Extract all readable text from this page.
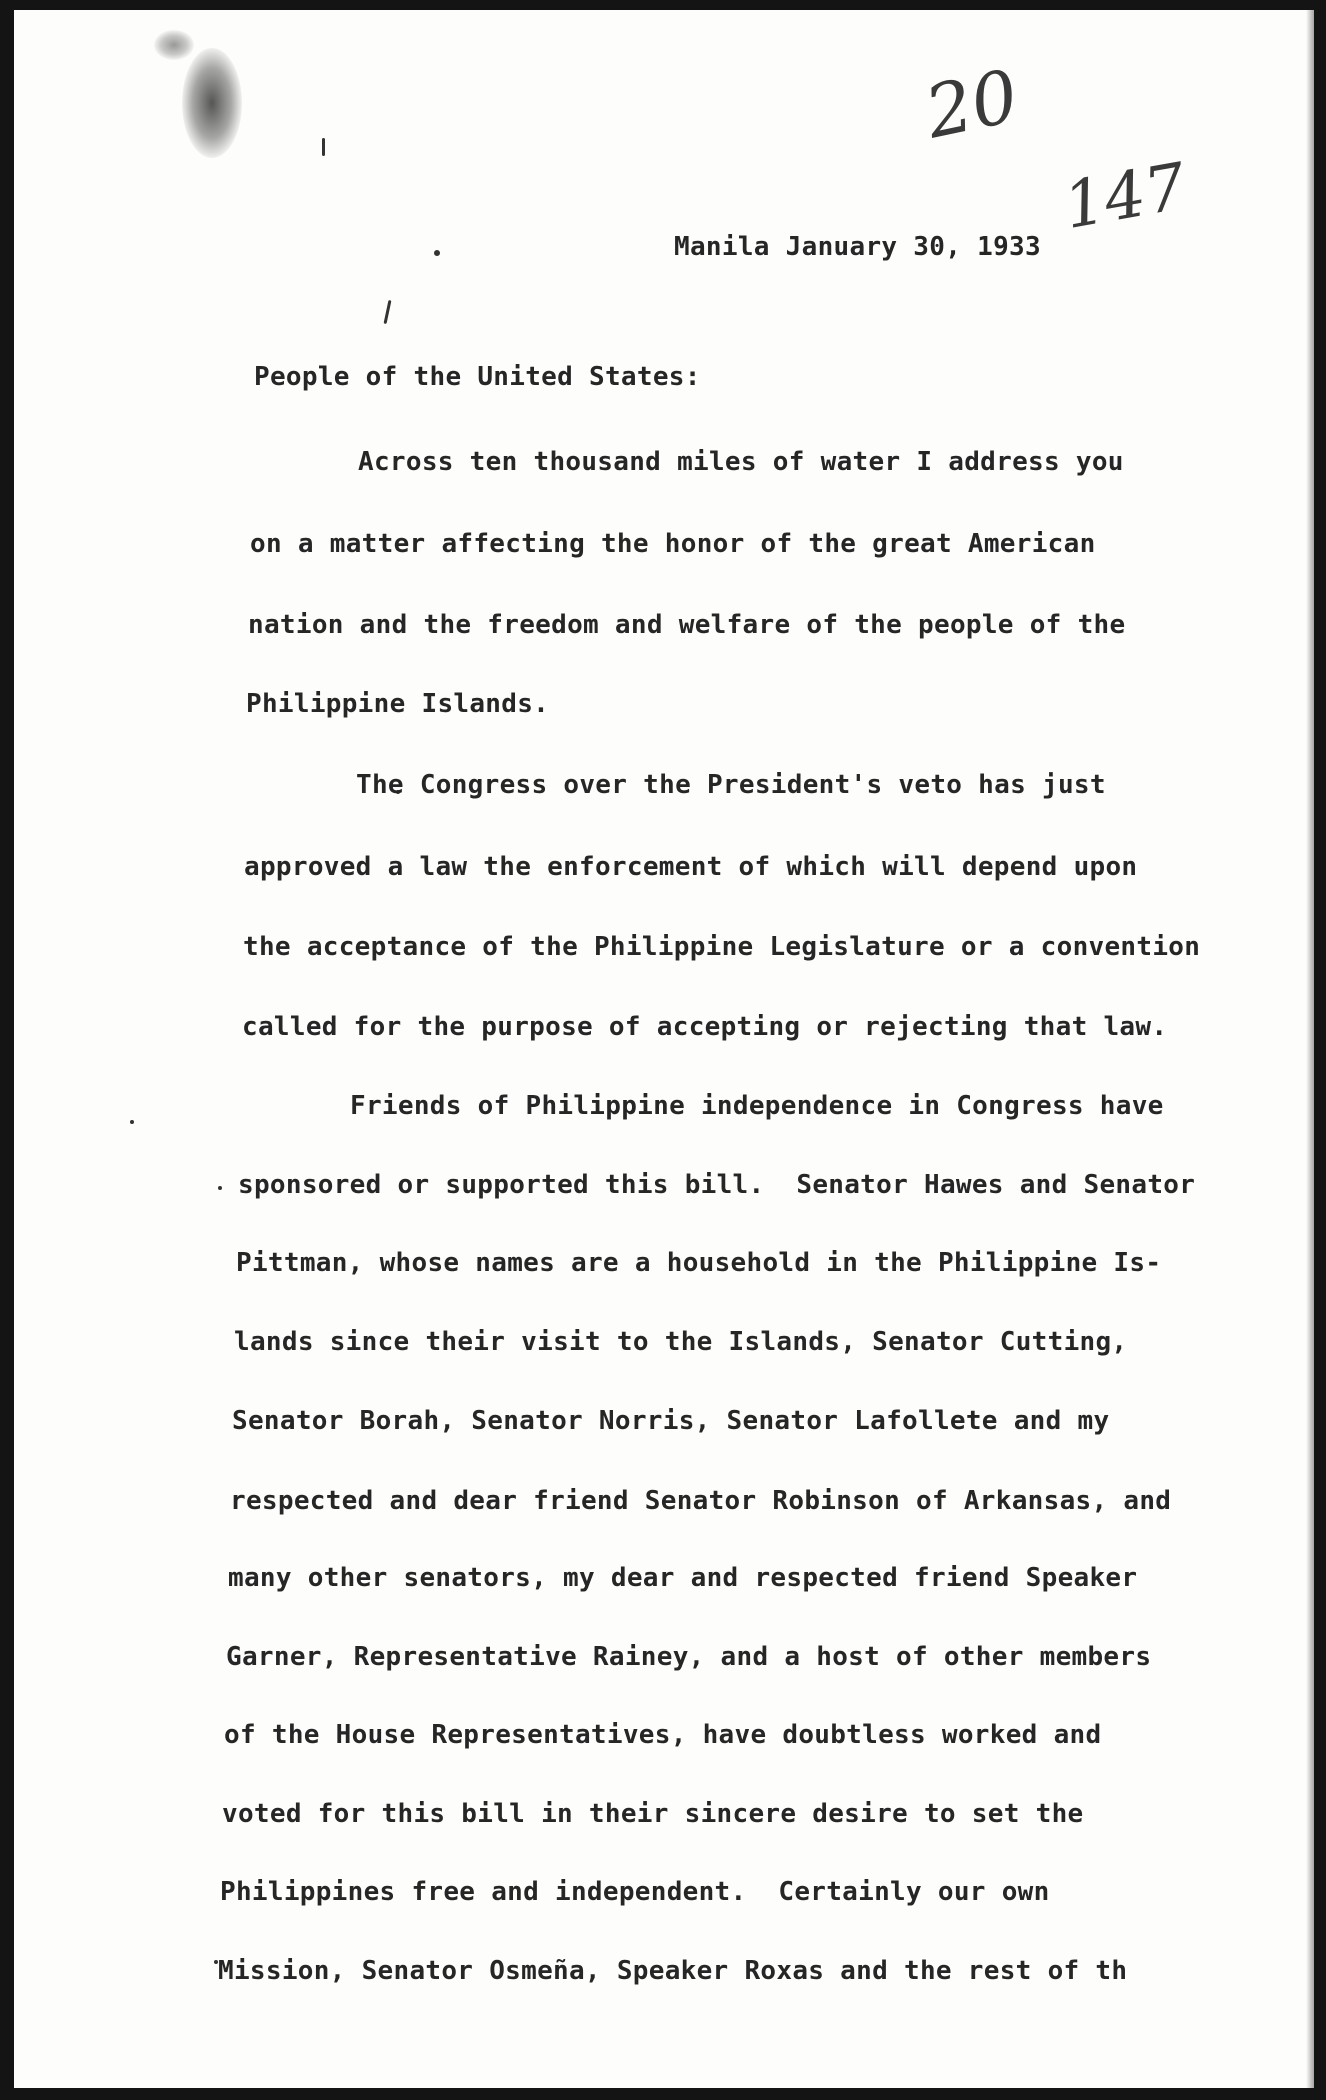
20
147
Manila January 30, 1933
People of the United States:
Across ten thousand miles of water I address you
on a matter affecting the honor of the great American
nation and the freedom and welfare of the people of the
Philippine Islands.
The Congress over the President's veto has just
approved a law the enforcement of which will depend upon
the acceptance of the Philippine Legislature or a convention
called for the purpose of accepting or rejecting that law.
Friends of Philippine independence in Congress have
sponsored or supported this bill.  Senator Hawes and Senator
Pittman, whose names are a household in the Philippine Is-
lands since their visit to the Islands, Senator Cutting,
Senator Borah, Senator Norris, Senator Lafollete and my
respected and dear friend Senator Robinson of Arkansas, and
many other senators, my dear and respected friend Speaker
Garner, Representative Rainey, and a host of other members
of the House Representatives, have doubtless worked and
voted for this bill in their sincere desire to set the
Philippines free and independent.  Certainly our own
Mission, Senator Osmeña, Speaker Roxas and the rest of th
